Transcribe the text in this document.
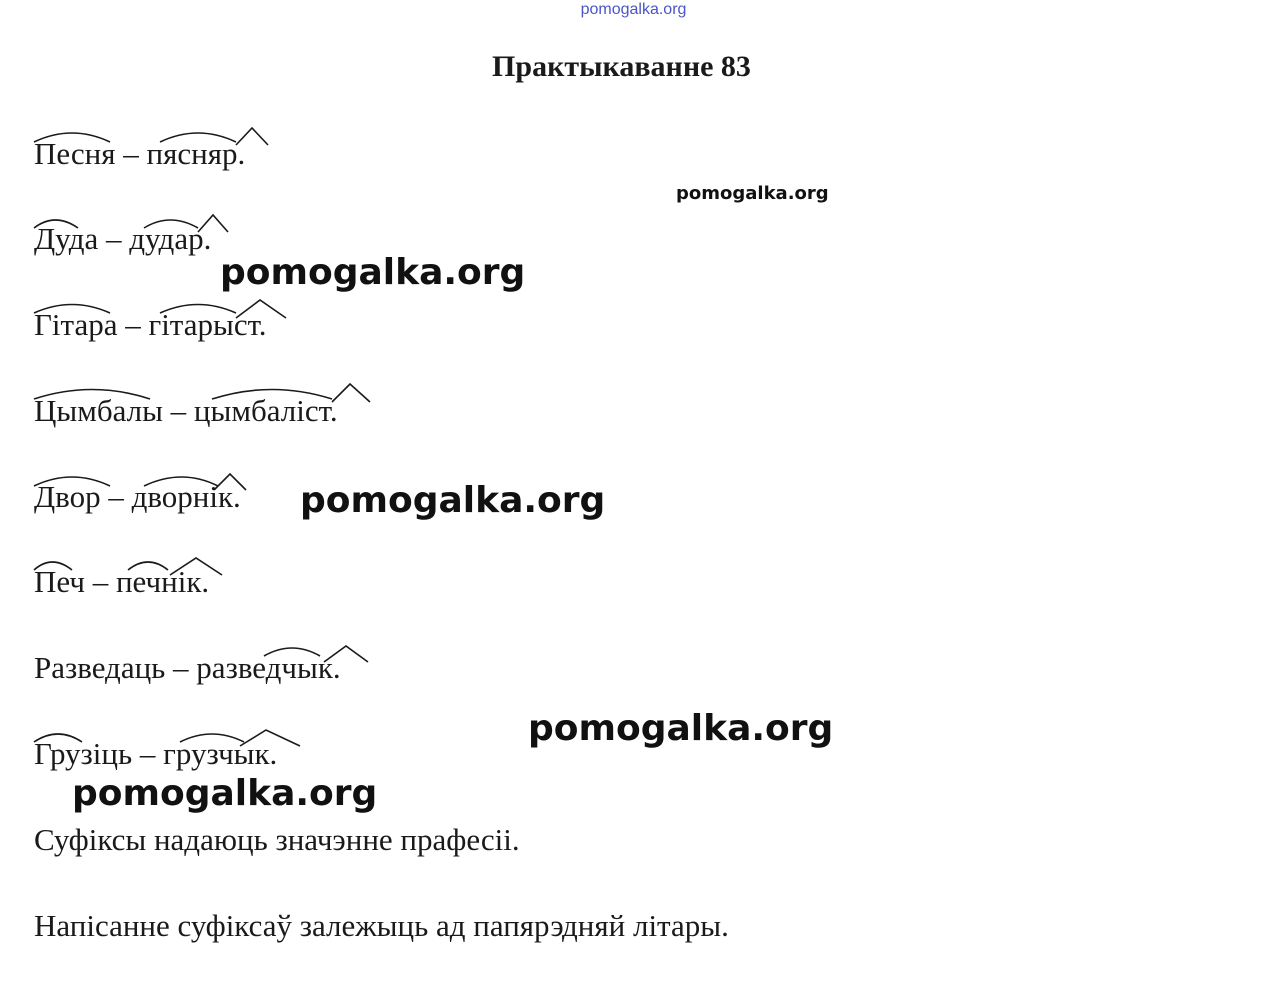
pomogalka.org
Практыкаванне 83
Песня – пясняр.
Дуда – дудар.
Гітара – гітарыст.
Цымбалы – цымбаліст.
Двор – дворнік.
Печ – печнік.
Разведаць – разведчык.
Грузіць – грузчык.
Суфіксы надаюць значэнне прафесіі.
Напісанне суфіксаў залежыць ад папярэдняй літары.
pomogalka.org
pomogalka.org
pomogalka.org
pomogalka.org
pomogalka.org
